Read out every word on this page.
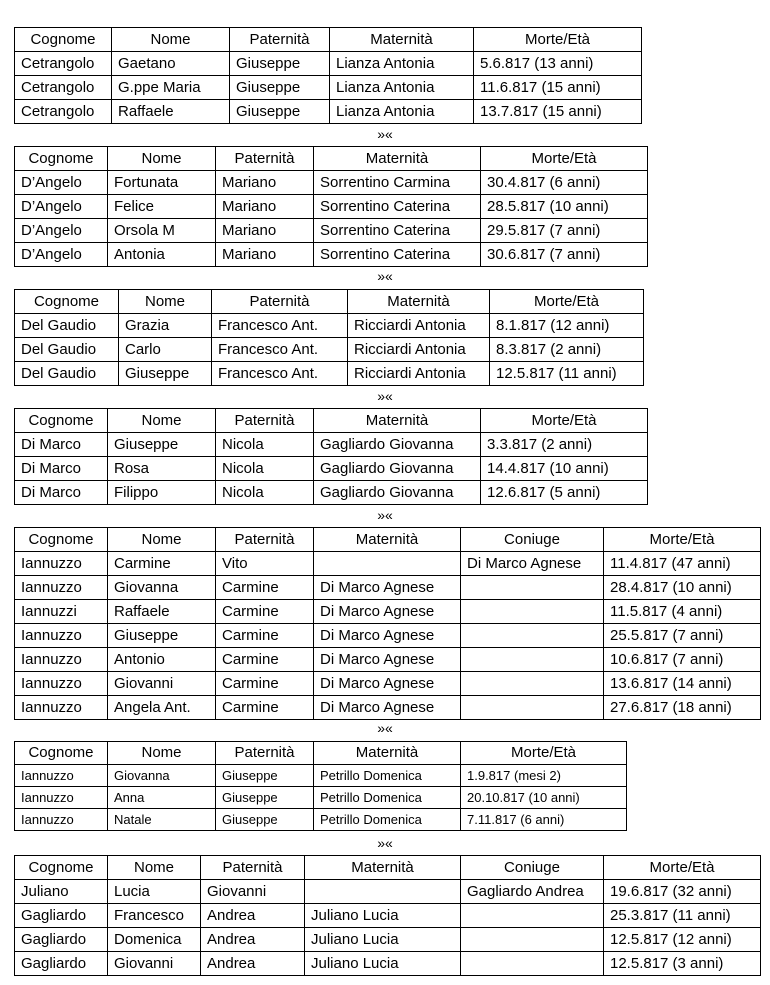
Cognome	Nome	Paternità	Maternità	Morte/Età
Cetrangolo	Gaetano	Giuseppe	Lianza Antonia	5.6.817 (13 anni)
Cetrangolo	G.ppe Maria	Giuseppe	Lianza Antonia	11.6.817 (15 anni)
Cetrangolo	Raffaele	Giuseppe	Lianza Antonia	13.7.817 (15 anni)
Cognome	Nome	Paternità	Maternità	Morte/Età
D’Angelo	Fortunata	Mariano	Sorrentino Carmina	30.4.817 (6 anni)
D’Angelo	Felice	Mariano	Sorrentino Caterina	28.5.817 (10 anni)
D’Angelo	Orsola M	Mariano	Sorrentino Caterina	29.5.817 (7 anni)
D’Angelo	Antonia	Mariano	Sorrentino Caterina	30.6.817 (7 anni)
Cognome	Nome	Paternità	Maternità	Morte/Età
Del Gaudio	Grazia	Francesco Ant.	Ricciardi Antonia	8.1.817 (12 anni)
Del Gaudio	Carlo	Francesco Ant.	Ricciardi Antonia	8.3.817 (2 anni)
Del Gaudio	Giuseppe	Francesco Ant.	Ricciardi Antonia	12.5.817 (11 anni)
Cognome	Nome	Paternità	Maternità	Morte/Età
Di Marco	Giuseppe	Nicola	Gagliardo Giovanna	3.3.817 (2 anni)
Di Marco	Rosa	Nicola	Gagliardo Giovanna	14.4.817 (10 anni)
Di Marco	Filippo	Nicola	Gagliardo Giovanna	12.6.817 (5 anni)
Cognome	Nome	Paternità	Maternità	Coniuge	Morte/Età
Iannuzzo	Carmine	Vito		Di Marco Agnese	11.4.817 (47 anni)
Iannuzzo	Giovanna	Carmine	Di Marco Agnese		28.4.817 (10 anni)
Iannuzzi	Raffaele	Carmine	Di Marco Agnese		11.5.817 (4 anni)
Iannuzzo	Giuseppe	Carmine	Di Marco Agnese		25.5.817 (7 anni)
Iannuzzo	Antonio	Carmine	Di Marco Agnese		10.6.817 (7 anni)
Iannuzzo	Giovanni	Carmine	Di Marco Agnese		13.6.817 (14 anni)
Iannuzzo	Angela Ant.	Carmine	Di Marco Agnese		27.6.817 (18 anni)
Cognome	Nome	Paternità	Maternità	Morte/Età
Iannuzzo	Giovanna	Giuseppe	Petrillo Domenica	1.9.817 (mesi 2)
Iannuzzo	Anna	Giuseppe	Petrillo Domenica	20.10.817 (10 anni)
Iannuzzo	Natale	Giuseppe	Petrillo Domenica	7.11.817 (6 anni)
Cognome	Nome	Paternità	Maternità	Coniuge	Morte/Età
Juliano	Lucia	Giovanni		Gagliardo Andrea	19.6.817 (32 anni)
Gagliardo	Francesco	Andrea	Juliano Lucia		25.3.817 (11 anni)
Gagliardo	Domenica	Andrea	Juliano Lucia		12.5.817 (12 anni)
Gagliardo	Giovanni	Andrea	Juliano Lucia		12.5.817 (3 anni)
»«
»«
»«
»«
»«
»«
